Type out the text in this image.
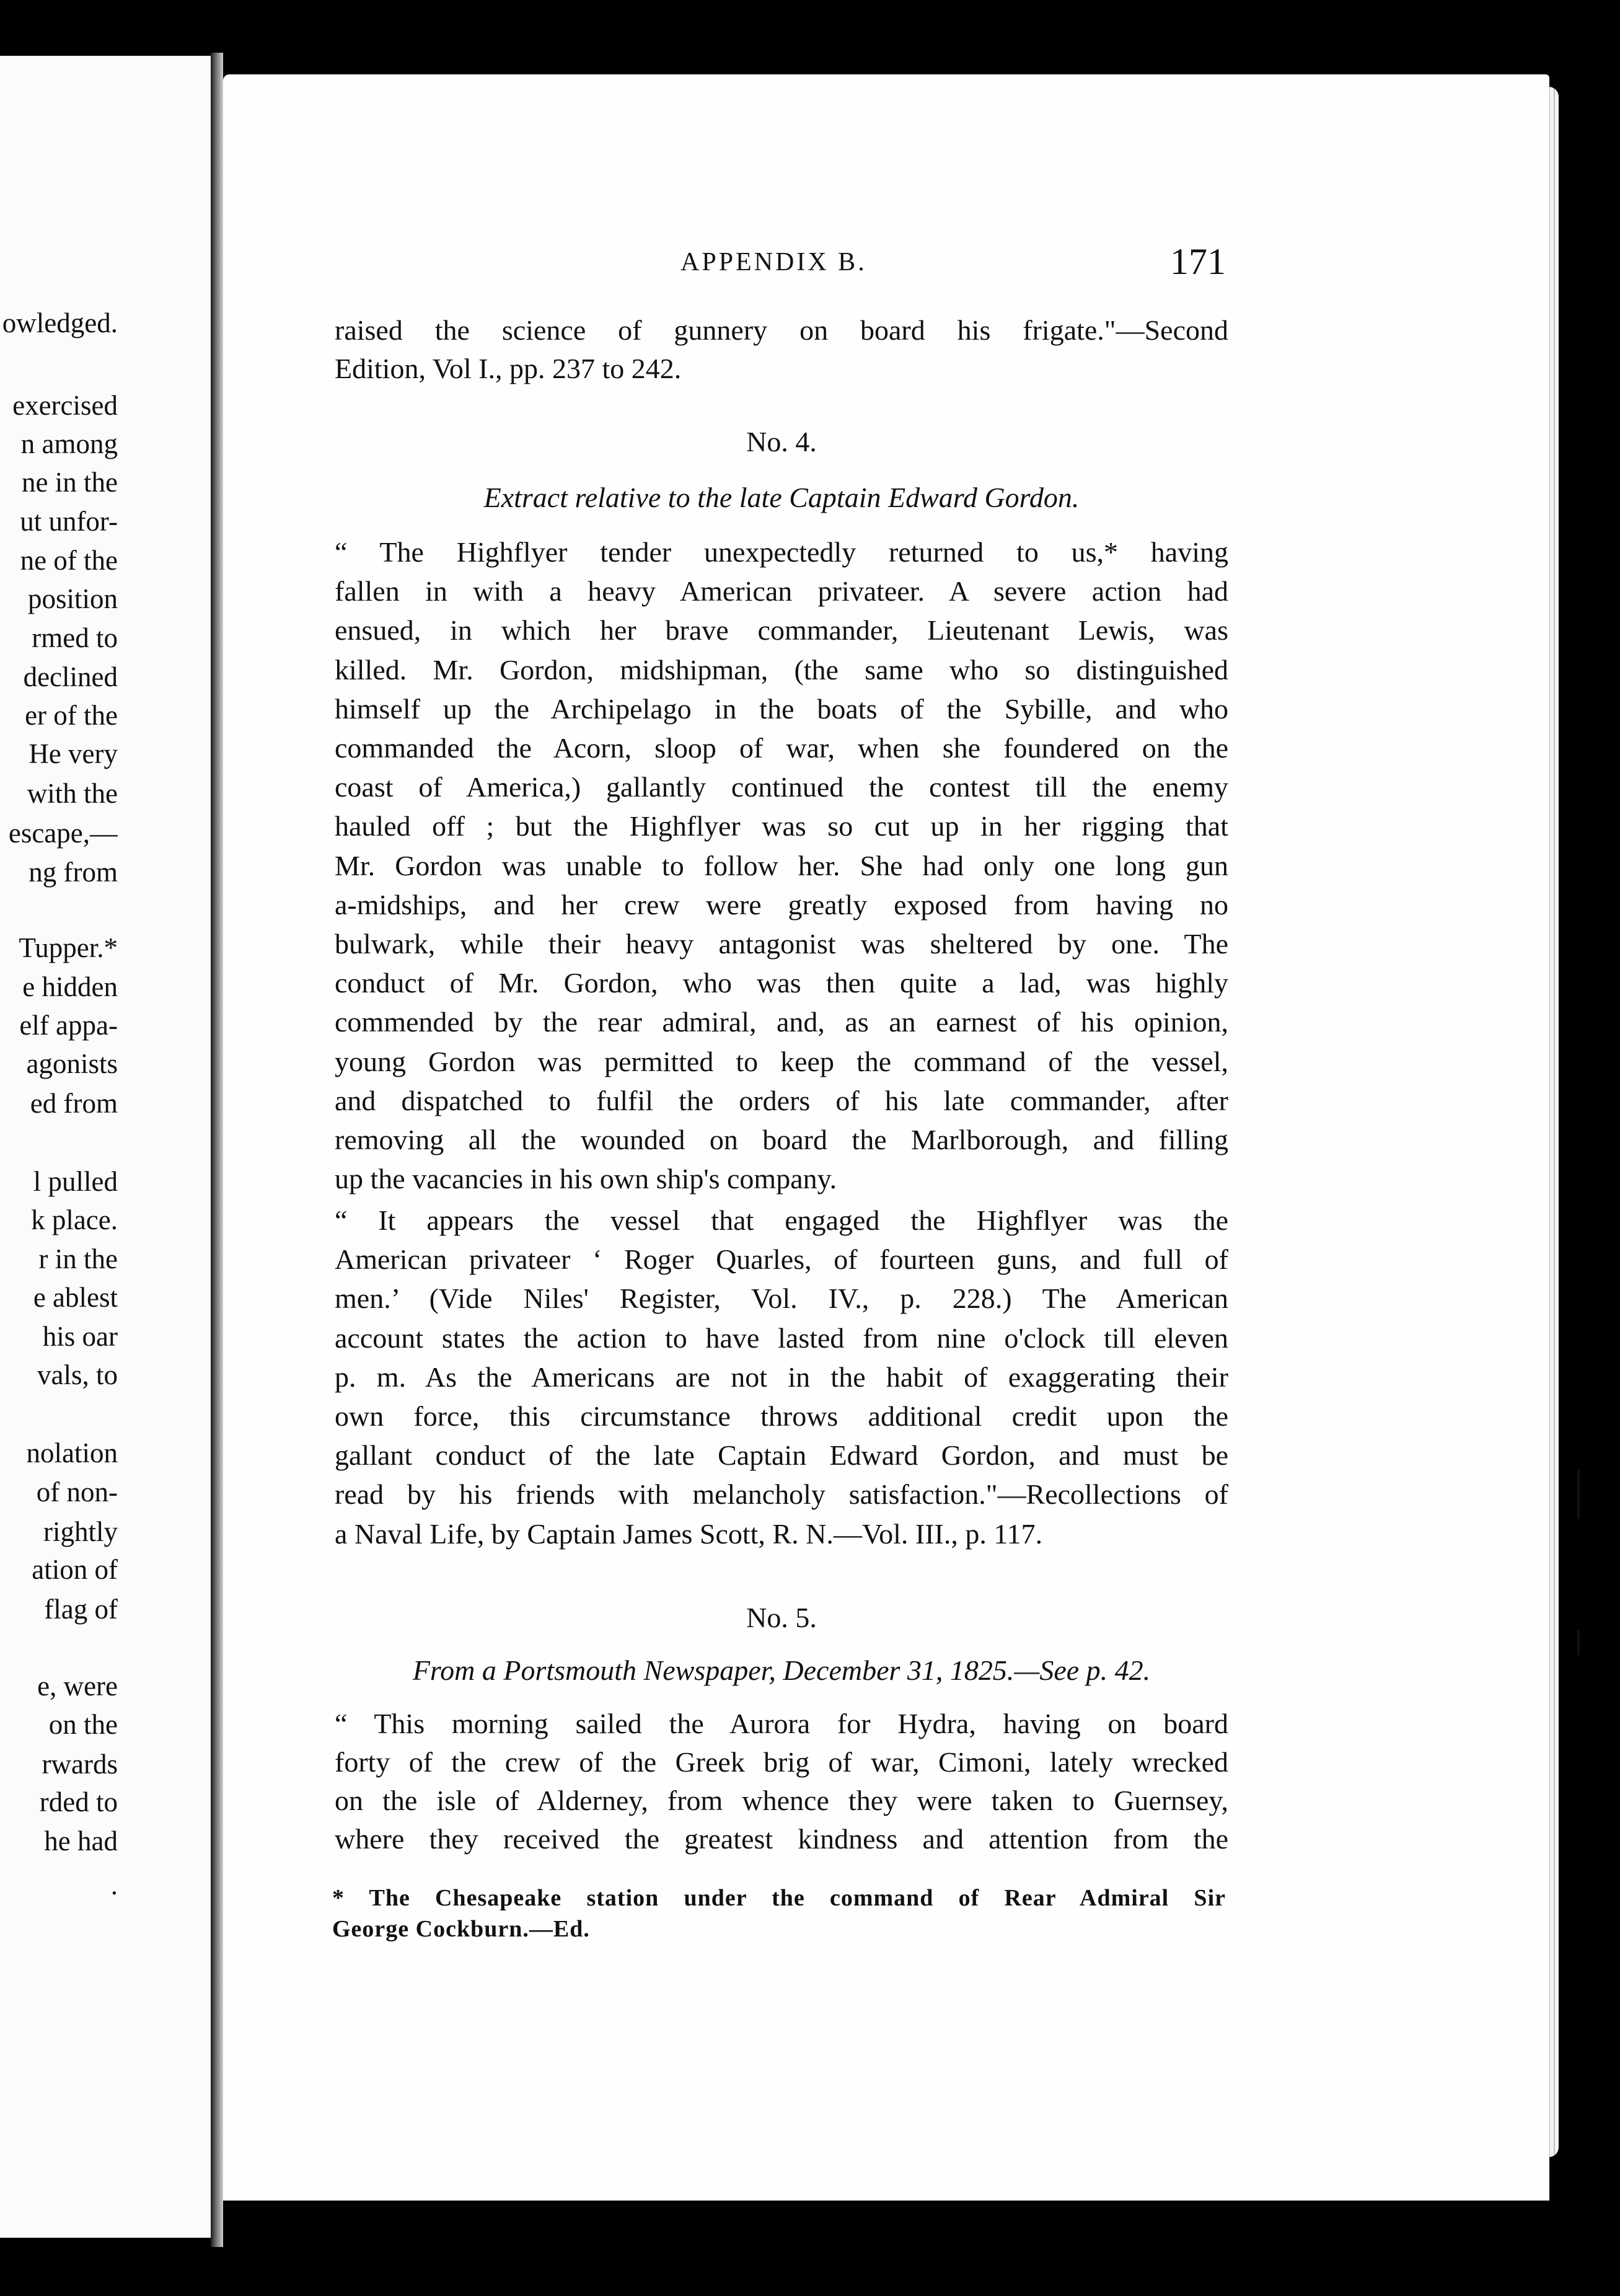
owledged.
exercised
n among
ne in the
ut unfor-
ne of the
position
rmed to
declined
er of the
He very
with the
escape,—
ng from
Tupper.*
e hidden
elf appa-
agonists
ed from
l pulled
k place.
r in the
e ablest
his oar
vals, to
nolation
of non-
rightly
ation of
flag of
e, were
on the
rwards
rded to
he had
.
APPENDIX B.	171
raised the science of gunnery on board his frigate."—Second
Edition, Vol I., pp. 237 to 242.
No. 4.
Extract relative to the late Captain Edward Gordon.
“ The Highflyer tender unexpectedly returned to us,* having
fallen in with a heavy American privateer. A severe action had
ensued, in which her brave commander, Lieutenant Lewis, was
killed. Mr. Gordon, midshipman, (the same who so distinguished
himself up the Archipelago in the boats of the Sybille, and who
commanded the Acorn, sloop of war, when she foundered on the
coast of America,) gallantly continued the contest till the enemy
hauled off ; but the Highflyer was so cut up in her rigging that
Mr. Gordon was unable to follow her. She had only one long gun
a-midships, and her crew were greatly exposed from having no
bulwark, while their heavy antagonist was sheltered by one. The
conduct of Mr. Gordon, who was then quite a lad, was highly
commended by the rear admiral, and, as an earnest of his opinion,
young Gordon was permitted to keep the command of the vessel,
and dispatched to fulfil the orders of his late commander, after
removing all the wounded on board the Marlborough, and filling
up the vacancies in his own ship's company.
“ It appears the vessel that engaged the Highflyer was the
American privateer ‘ Roger Quarles, of fourteen guns, and full of
men.’ (Vide Niles' Register, Vol. IV., p. 228.) The American
account states the action to have lasted from nine o'clock till eleven
p. m. As the Americans are not in the habit of exaggerating their
own force, this circumstance throws additional credit upon the
gallant conduct of the late Captain Edward Gordon, and must be
read by his friends with melancholy satisfaction."—Recollections of
a Naval Life, by Captain James Scott, R. N.—Vol. III., p. 117.
No. 5.
From a Portsmouth Newspaper, December 31, 1825.—See p. 42.
“ This morning sailed the Aurora for Hydra, having on board
forty of the crew of the Greek brig of war, Cimoni, lately wrecked
on the isle of Alderney, from whence they were taken to Guernsey,
where they received the greatest kindness and attention from the
* The Chesapeake station under the command of Rear Admiral Sir
George Cockburn.—Ed.
